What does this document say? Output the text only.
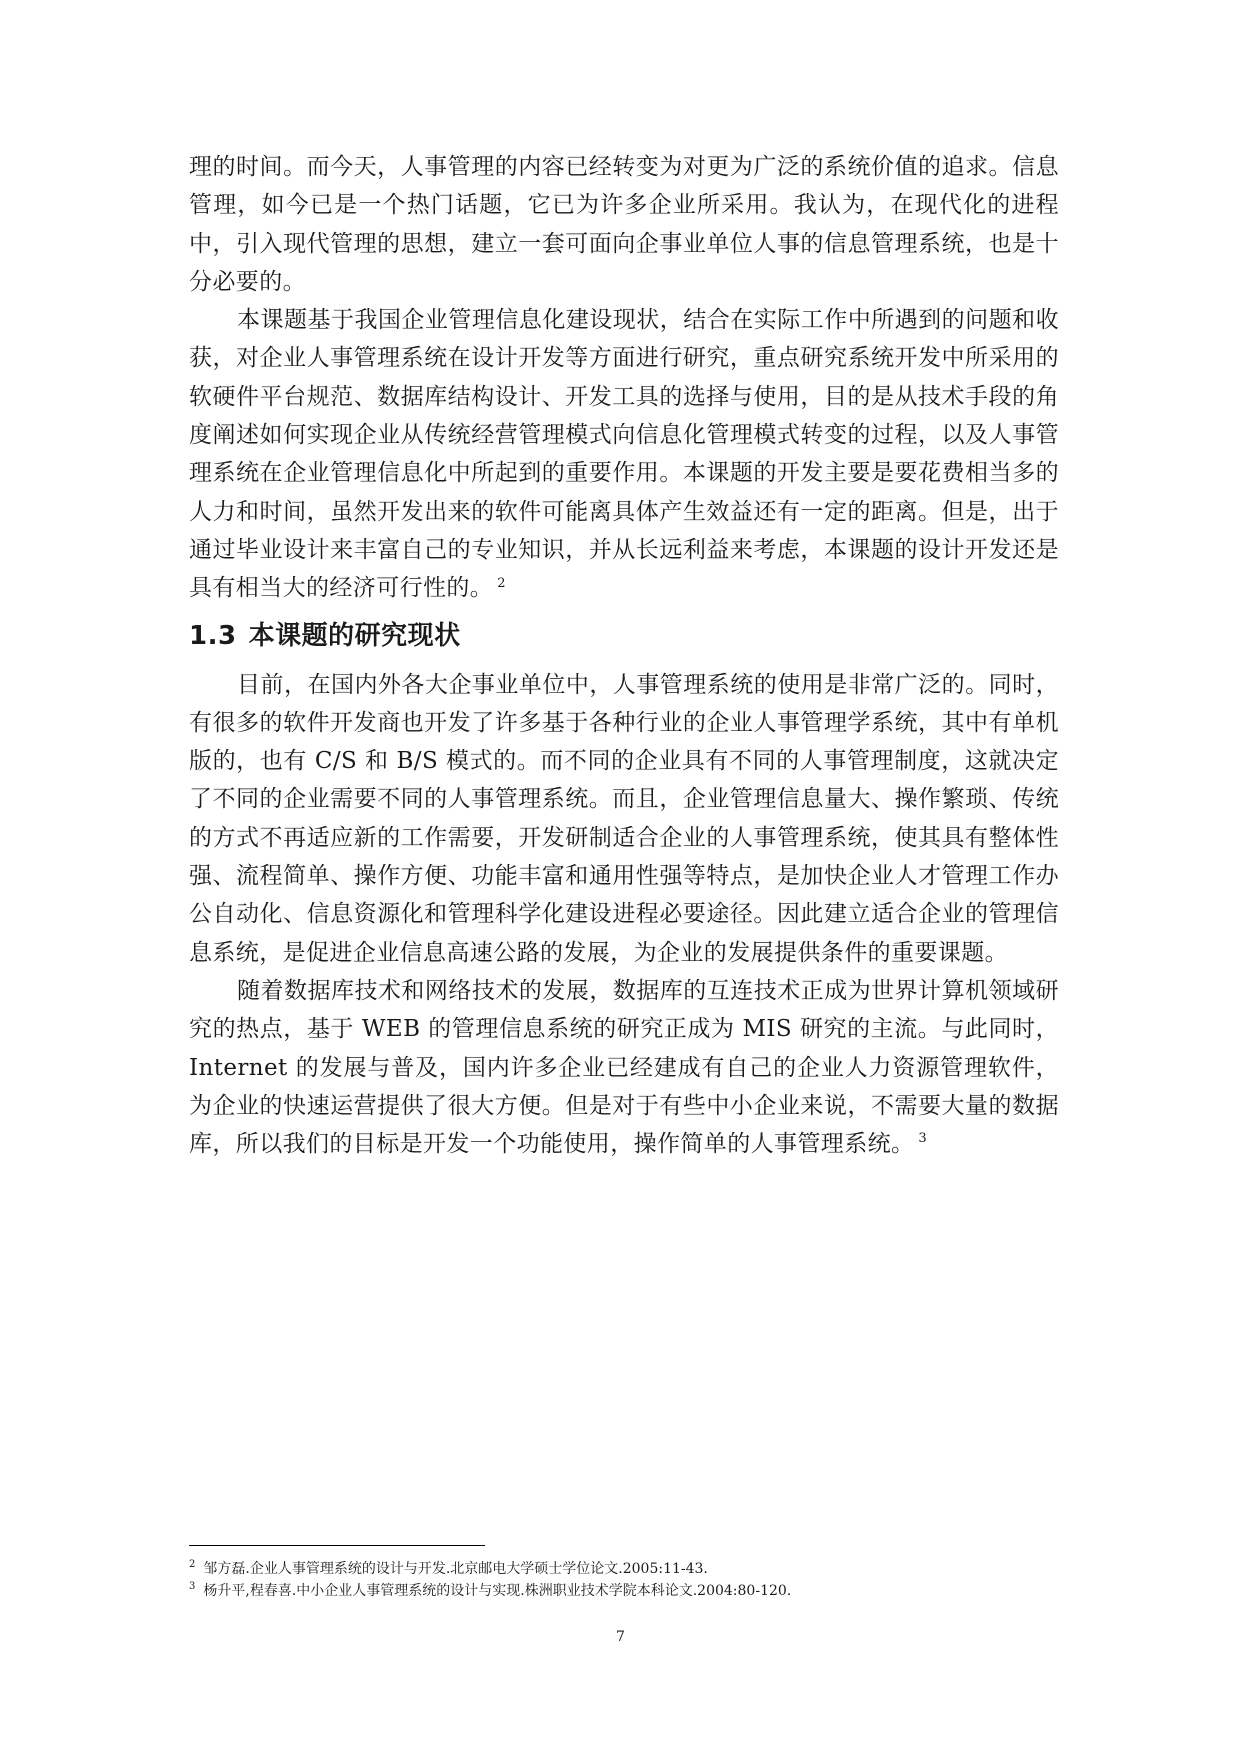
理的时间。而今天，人事管理的内容已经转变为对更为广泛的系统价值的追求。信息管理，如今已是一个热门话题，它已为许多企业所采用。我认为，在现代化的进程中，引入现代管理的思想，建立一套可面向企事业单位人事的信息管理系统，也是十分必要的。

本课题基于我国企业管理信息化建设现状，结合在实际工作中所遇到的问题和收获，对企业人事管理系统在设计开发等方面进行研究，重点研究系统开发中所采用的软硬件平台规范、数据库结构设计、开发工具的选择与使用，目的是从技术手段的角度阐述如何实现企业从传统经营管理模式向信息化管理模式转变的过程，以及人事管理系统在企业管理信息化中所起到的重要作用。本课题的开发主要是要花费相当多的人力和时间，虽然开发出来的软件可能离具体产生效益还有一定的距离。但是，出于通过毕业设计来丰富自己的专业知识，并从长远利益来考虑，本课题的设计开发还是具有相当大的经济可行性的。 $^2$

1.3 本课题的研究现状

目前，在国内外各大企事业单位中，人事管理系统的使用是非常广泛的。同时，有很多的软件开发商也开发了许多基于各种行业的企业人事管理学系统，其中有单机版的，也有 C/S 和 B/S 模式的。而不同的企业具有不同的人事管理制度，这就决定了不同的企业需要不同的人事管理系统。而且，企业管理信息量大、操作繁琐、传统的方式不再适应新的工作需要，开发研制适合企业的人事管理系统，使其具有整体性强、流程简单、操作方便、功能丰富和通用性强等特点，是加快企业人才管理工作办公自动化、信息资源化和管理科学化建设进程必要途径。因此建立适合企业的管理信息系统，是促进企业信息高速公路的发展，为企业的发展提供条件的重要课题。

随着数据库技术和网络技术的发展，数据库的互连技术正成为世界计算机领域研究的热点，基于 WEB 的管理信息系统的研究正成为 MIS 研究的主流。与此同时，Internet 的发展与普及，国内许多企业已经建成有自己的企业人力资源管理软件，为企业的快速运营提供了很大方便。但是对于有些中小企业来说，不需要大量的数据库，所以我们的目标是开发一个功能使用，操作简单的人事管理系统。 $^3$

$^2$ 邹方磊.企业人事管理系统的设计与开发.北京邮电大学硕士学位论文.2005:11-43.
$^3$ 杨升平,程春喜.中小企业人事管理系统的设计与实现.株洲职业技术学院本科论文.2004:80-120.
7
